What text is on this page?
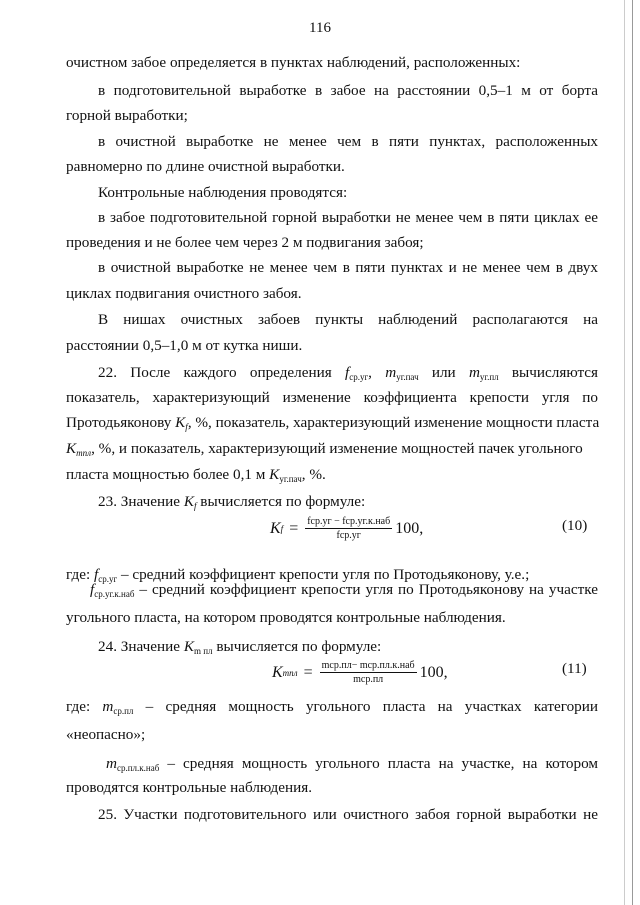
116
очистном забое определяется в пунктах наблюдений, расположенных:
в подготовительной выработке в забое на расстоянии 0,5–1 м от борта
горной выработки;
в очистной выработке не менее чем в пяти пунктах, расположенных
равномерно по длине очистной выработки.
Контрольные наблюдения проводятся:
в забое подготовительной горной выработки не менее чем в пяти циклах ее
проведения и не более чем через 2 м подвигания забоя;
в очистной выработке не менее чем в пяти пунктах и не менее чем в двух
циклах подвигания очистного забоя.
В нишах очистных забоев пункты наблюдений располагаются на
расстоянии 0,5–1,0 м от кутка ниши.
22. После каждого определения $f_{ср.уг}$, $m_{уг.пач}$ или $m_{уг.пл}$ вычисляются
показатель, характеризующий изменение коэффициента крепости угля по
Протодьяконову $K_f$, %, показатель, характеризующий изменение мощности пласта
$K_{mпл}$, %, и показатель, характеризующий изменение мощностей пачек угольного
пласта мощностью более 0,1 м $K_{уг.пач}$, %.
23. Значение $K_f$ вычисляется по формуле:
K $f = \frac{\text{fср.уг − fср.уг.к.наб}}{\text{fср.уг}} 100$,	(10)
где: $f_{ср.уг}$ – средний коэффициент крепости угля по Протодьяконову, у.е.;
$f_{ср.уг.к.наб}$ – средний коэффициент крепости угля по Протодьяконову на участке
угольного пласта, на котором проводятся контрольные наблюдения.
24. Значение $K_{m пл}$ вычисляется по формуле:
K mпл = $\frac{\text{mср.пл− mср.пл.к.наб}}{\text{mср.пл}} 100$,	(11)
где: $m_{ср.пл}$ – средняя мощность угольного пласта на участках категории
«неопасно»;
$m_{ср.пл.к.наб}$ – средняя мощность угольного пласта на участке, на котором
проводятся контрольные наблюдения.
25. Участки подготовительного или очистного забоя горной выработки не
